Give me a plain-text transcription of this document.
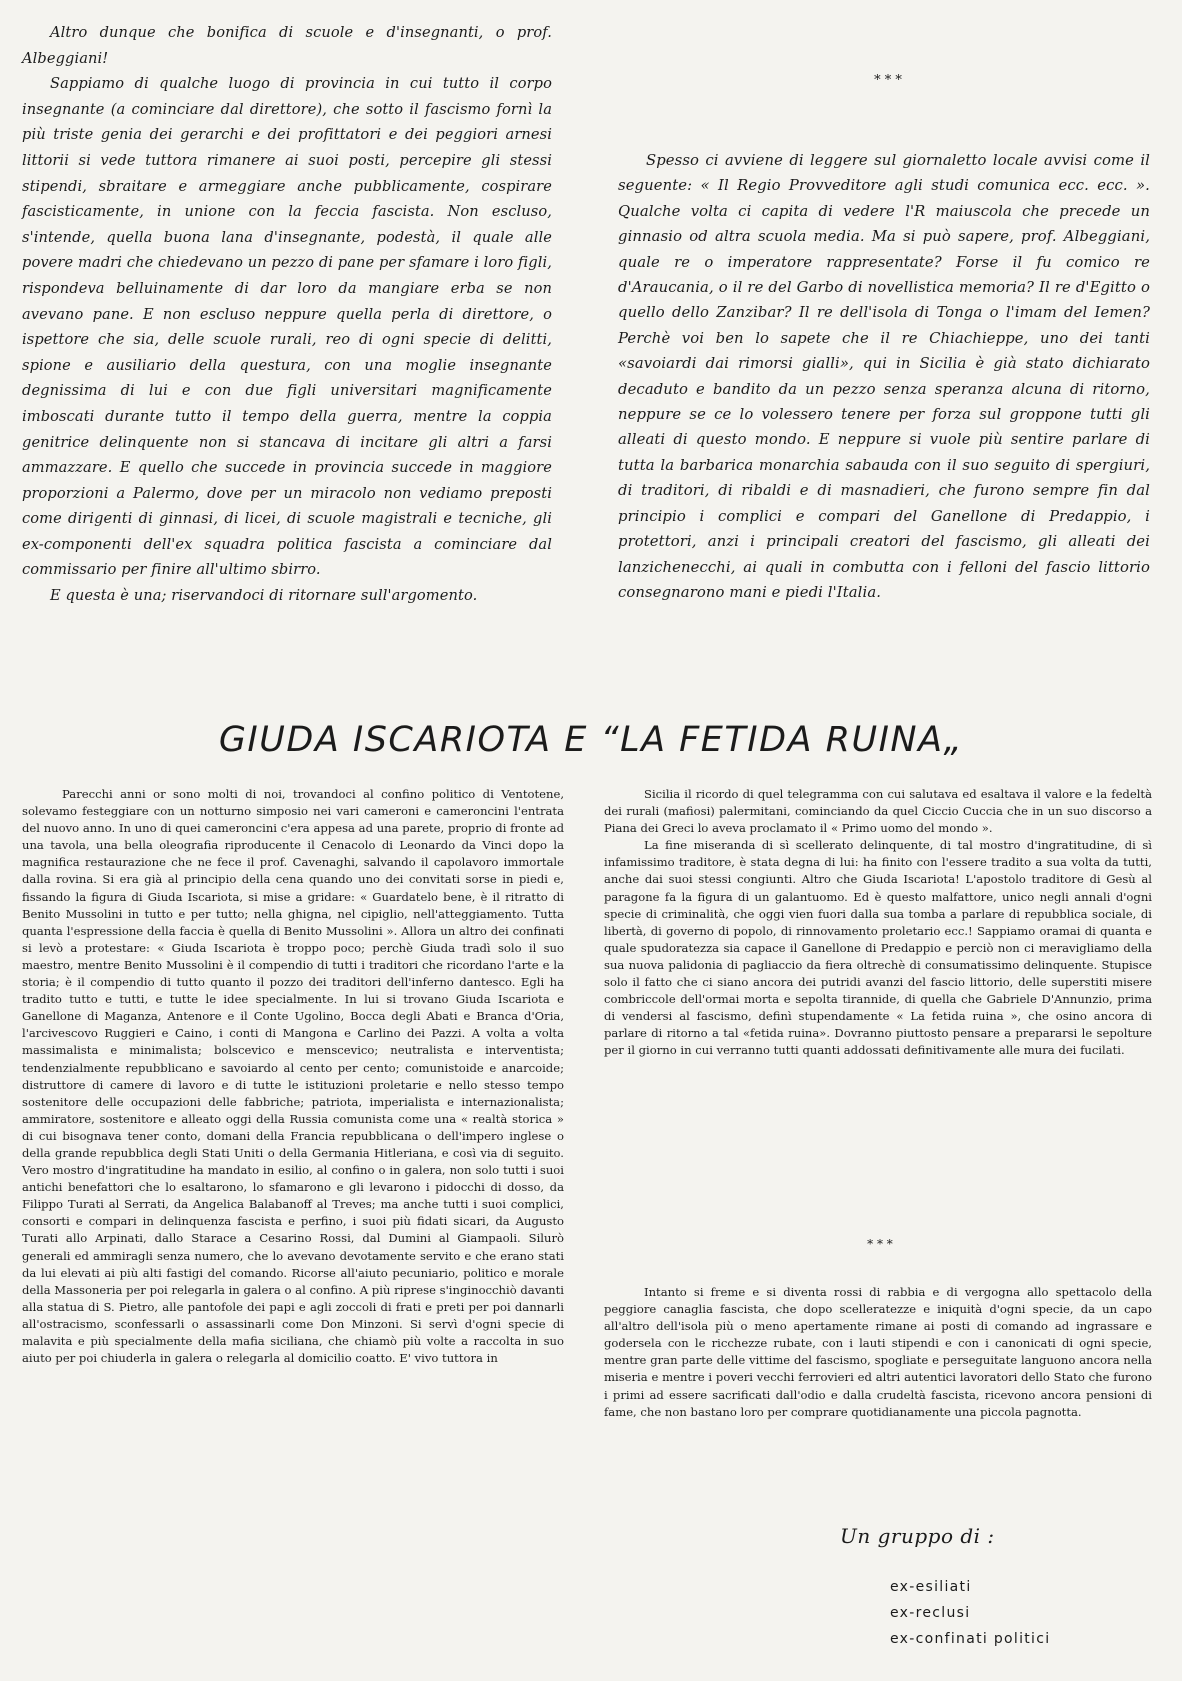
Altro dunque che bonifica di scuole e d'insegnanti, o prof. Albeggiani!

Sappiamo di qualche luogo di provincia in cui tutto il corpo insegnante (a cominciare dal direttore), che sotto il fascismo fornì la più triste genia dei gerarchi e dei profittatori e dei peggiori arnesi littorii si vede tuttora rimanere ai suoi posti, percepire gli stessi stipendi, sbraitare e armeggiare anche pubblicamente, cospirare fascisticamente, in unione con la feccia fascista. Non escluso, s'intende, quella buona lana d'insegnante, podestà, il quale alle povere madri che chiedevano un pezzo di pane per sfamare i loro figli, rispondeva belluinamente di dar loro da mangiare erba se non avevano pane. E non escluso neppure quella perla di direttore, o ispettore che sia, delle scuole rurali, reo di ogni specie di delitti, spione e ausiliario della questura, con una moglie insegnante degnissima di lui e con due figli universitari magnificamente imboscati durante tutto il tempo della guerra, mentre la coppia genitrice delinquente non si stancava di incitare gli altri a farsi ammazzare. E quello che succede in provincia succede in maggiore proporzioni a Palermo, dove per un miracolo non vediamo preposti come dirigenti di ginnasi, di licei, di scuole magistrali e tecniche, gli ex-componenti dell'ex squadra politica fascista a cominciare dal commissario per finire all'ultimo sbirro.

E questa è una; riservandoci di ritornare sull'argomento.

* * *

Spesso ci avviene di leggere sul giornaletto locale avvisi come il seguente: « Il Regio Provveditore agli studi comunica ecc. ecc. ». Qualche volta ci capita di vedere l'R maiuscola che precede un ginnasio od altra scuola media. Ma si può sapere, prof. Albeggiani, quale re o imperatore rappresentate? Forse il fu comico re d'Araucania, o il re del Garbo di novellistica memoria? Il re d'Egitto o quello dello Zanzibar? Il re dell'isola di Tonga o l'imam del Iemen? Perchè voi ben lo sapete che il re Chiachieppe, uno dei tanti «savoiardi dai rimorsi gialli», qui in Sicilia è già stato dichiarato decaduto e bandito da un pezzo senza speranza alcuna di ritorno, neppure se ce lo volessero tenere per forza sul groppone tutti gli alleati di questo mondo. E neppure si vuole più sentire parlare di tutta la barbarica monarchia sabauda con il suo seguito di spergiuri, di traditori, di ribaldi e di masnadieri, che furono sempre fin dal principio i complici e compari del Ganellone di Predappio, i protettori, anzi i principali creatori del fascismo, gli alleati dei lanzichenecchi, ai quali in combutta con i felloni del fascio littorio consegnarono mani e piedi l'Italia.

GIUDA ISCARIOTA E “LA FETIDA RUINA„

Parecchi anni or sono molti di noi, trovandoci al confino politico di Ventotene, solevamo festeggiare con un notturno simposio nei vari cameroni e cameroncini l'entrata del nuovo anno. In uno di quei cameroncini c'era appesa ad una parete, proprio di fronte ad una tavola, una bella oleografia riproducente il Cenacolo di Leonardo da Vinci dopo la magnifica restaurazione che ne fece il prof. Cavenaghi, salvando il capolavoro immortale dalla rovina. Si era già al principio della cena quando uno dei convitati sorse in piedi e, fissando la figura di Giuda Iscariota, si mise a gridare: « Guardatelo bene, è il ritratto di Benito Mussolini in tutto e per tutto; nella ghigna, nel cipiglio, nell'atteggiamento. Tutta quanta l'espressione della faccia è quella di Benito Mussolini ». Allora un altro dei confinati si levò a protestare: « Giuda Iscariota è troppo poco; perchè Giuda tradì solo il suo maestro, mentre Benito Mussolini è il compendio di tutti i traditori che ricordano l'arte e la storia; è il compendio di tutto quanto il pozzo dei traditori dell'inferno dantesco. Egli ha tradito tutto e tutti, e tutte le idee specialmente. In lui si trovano Giuda Iscariota e Ganellone di Maganza, Antenore e il Conte Ugolino, Bocca degli Abati e Branca d'Oria, l'arcivescovo Ruggieri e Caino, i conti di Mangona e Carlino dei Pazzi. A volta a volta massimalista e minimalista; bolscevico e menscevico; neutralista e interventista; tendenzialmente repubblicano e savoiardo al cento per cento; comunistoide e anarcoide; distruttore di camere di lavoro e di tutte le istituzioni proletarie e nello stesso tempo sostenitore delle occupazioni delle fabbriche; patriota, imperialista e internazionalista; ammiratore, sostenitore e alleato oggi della Russia comunista come una « realtà storica » di cui bisognava tener conto, domani della Francia repubblicana o dell'impero inglese o della grande repubblica degli Stati Uniti o della Germania Hitleriana, e così via di seguito. Vero mostro d'ingratitudine ha mandato in esilio, al confino o in galera, non solo tutti i suoi antichi benefattori che lo esaltarono, lo sfamarono e gli levarono i pidocchi di dosso, da Filippo Turati al Serrati, da Angelica Balabanoff al Treves; ma anche tutti i suoi complici, consorti e compari in delinquenza fascista e perfino, i suoi più fidati sicari, da Augusto Turati allo Arpinati, dallo Starace a Cesarino Rossi, dal Dumini al Giampaoli. Silurò generali ed ammiragli senza numero, che lo avevano devotamente servito e che erano stati da lui elevati ai più alti fastigi del comando. Ricorse all'aiuto pecuniario, politico e morale della Massoneria per poi relegarla in galera o al confino. A più riprese s'inginocchiò davanti alla statua di S. Pietro, alle pantofole dei papi e agli zoccoli di frati e preti per poi dannarli all'ostracismo, sconfessarli o assassinarli come Don Minzoni. Si servì d'ogni specie di malavita e più specialmente della mafia siciliana, che chiamò più volte a raccolta in suo aiuto per poi chiuderla in galera o relegarla al domicilio coatto. E' vivo tuttora in

Sicilia il ricordo di quel telegramma con cui salutava ed esaltava il valore e la fedeltà dei rurali (mafiosi) palermitani, cominciando da quel Ciccio Cuccia che in un suo discorso a Piana dei Greci lo aveva proclamato il « Primo uomo del mondo ».

La fine miseranda di sì scellerato delinquente, di tal mostro d'ingratitudine, di sì infamissimo traditore, è stata degna di lui: ha finito con l'essere tradito a sua volta da tutti, anche dai suoi stessi congiunti. Altro che Giuda Iscariota! L'apostolo traditore di Gesù al paragone fa la figura di un galantuomo. Ed è questo malfattore, unico negli annali d'ogni specie di criminalità, che oggi vien fuori dalla sua tomba a parlare di repubblica sociale, di libertà, di governo di popolo, di rinnovamento proletario ecc.! Sappiamo oramai di quanta e quale spudoratezza sia capace il Ganellone di Predappio e perciò non ci meravigliamo della sua nuova palidonia di pagliaccio da fiera oltrechè di consumatissimo delinquente. Stupisce solo il fatto che ci siano ancora dei putridi avanzi del fascio littorio, delle superstiti misere combriccole dell'ormai morta e sepolta tirannide, di quella che Gabriele D'Annunzio, prima di vendersi al fascismo, definì stupendamente « La fetida ruina », che osino ancora di parlare di ritorno a tal «fetida ruina». Dovranno piuttosto pensare a prepararsi le sepolture per il giorno in cui verranno tutti quanti addossati definitivamente alle mura dei fucilati.

* * *

Intanto si freme e si diventa rossi di rabbia e di vergogna allo spettacolo della peggiore canaglia fascista, che dopo scelleratezze e iniquità d'ogni specie, da un capo all'altro dell'isola più o meno apertamente rimane ai posti di comando ad ingrassare e godersela con le ricchezze rubate, con i lauti stipendi e con i canonicati di ogni specie, mentre gran parte delle vittime del fascismo, spogliate e perseguitate languono ancora nella miseria e mentre i poveri vecchi ferrovieri ed altri autentici lavoratori dello Stato che furono i primi ad essere sacrificati dall'odio e dalla crudeltà fascista, ricevono ancora pensioni di fame, che non bastano loro per comprare quotidianamente una piccola pagnotta.

Un gruppo di :
ex-esiliati
ex-reclusi
ex-confinati politici
